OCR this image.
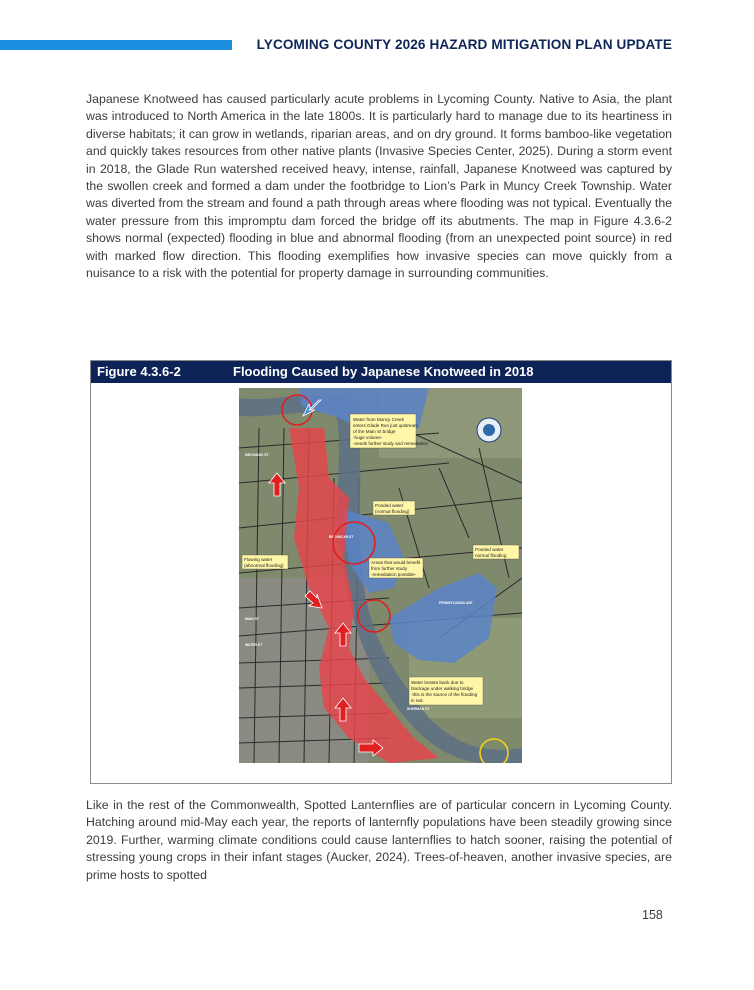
LYCOMING COUNTY 2026 HAZARD MITIGATION PLAN UPDATE

Japanese Knotweed has caused particularly acute problems in Lycoming County. Native to Asia, the plant was introduced to North America in the late 1800s. It is particularly hard to manage due to its heartiness in diverse habitats; it can grow in wetlands, riparian areas, and on dry ground. It forms bamboo-like vegetation and quickly takes resources from other native plants (Invasive Species Center, 2025). During a storm event in 2018, the Glade Run watershed received heavy, intense, rainfall, Japanese Knotweed was captured by the swollen creek and formed a dam under the footbridge to Lion’s Park in Muncy Creek Township. Water was diverted from the stream and found a path through areas where flooding was not typical. Eventually the water pressure from this impromptu dam forced the bridge off its abutments. The map in Figure 4.3.6-2 shows normal (expected) flooding in blue and abnormal flooding (from an unexpected point source) in red with marked flow direction. This flooding exemplifies how invasive species can move quickly from a nuisance to a risk with the potential for property damage in surrounding communities.

Figure 4.3.6-2	Flooding Caused by Japanese Knotweed in 2018
MECHANIC ST
MAIN ST
WATER ST
SHERMAN ST
BROOKLYN ST
PENNSYLVANIA AVE
Water from Muncy Creek
enters Glade Run just upstream
of the Main St bridge
-huge volume-
-needs further study and remediation
Ponded water
(normal flooding)
Flowing water
(abnormal flooding)
Areas that would benefit
from further study
-remediation possible-
Ponded water
normal flooding
Water breaks bank due to
blockage under walking bridge
-this is the source of the flooding
in red.

Like in the rest of the Commonwealth, Spotted Lanternflies are of particular concern in Lycoming County. Hatching around mid-May each year, the reports of lanternfly populations have been steadily growing since 2019. Further, warming climate conditions could cause lanternflies to hatch sooner, raising the potential of stressing young crops in their infant stages (Aucker, 2024). Trees-of-heaven, another invasive species, are prime hosts to spotted

158
